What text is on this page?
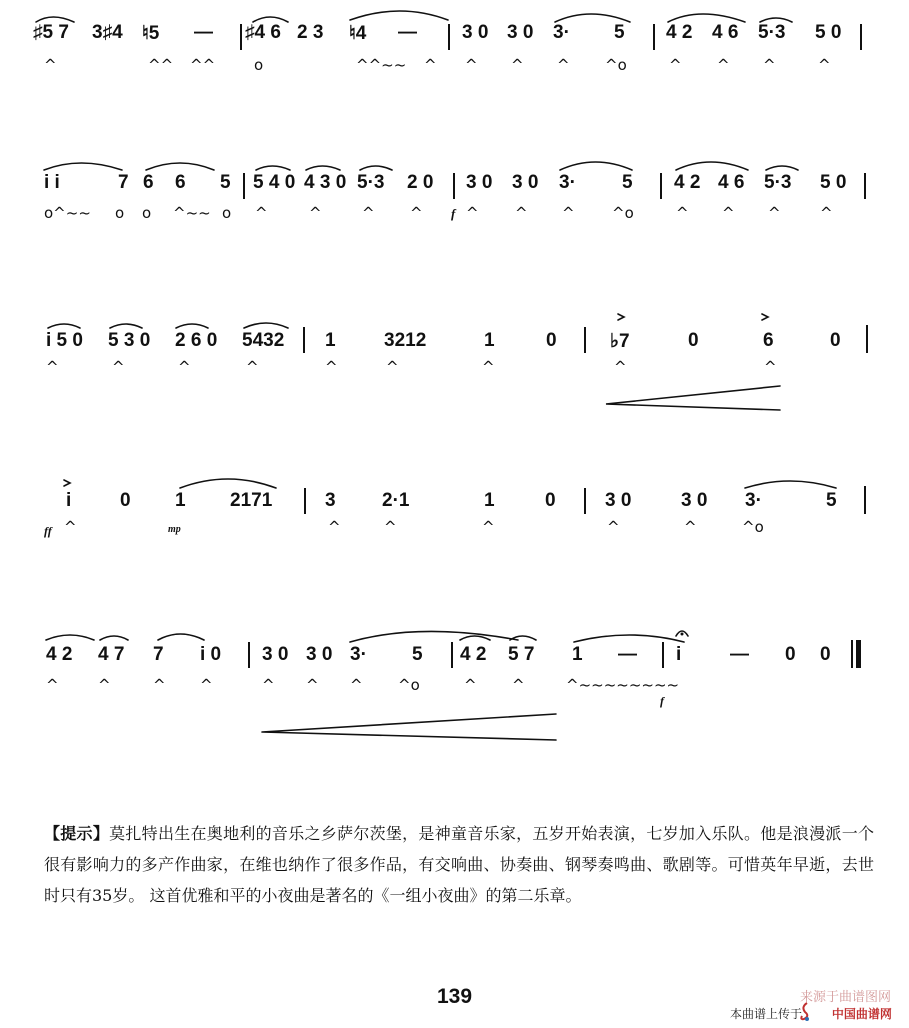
♯5 7 3♯4 ♮5 — ♯4 6 2 3 ♮4 — 3 0 3 0 3· 5 4 2 4 6 5·3 5 0
^	^^ ^^	o	^^~~ ^ ^ ^ ^ ^o	^ ^ ^	^
i i	7 6 6 5 5 4 0 4 3 0 5·3 2 0 3 0 3 0 3· 5 4 2 4 6 5·3 5 0
o^~~ o o ^~~ o ^	^	^ ^	^ ^ ^ ^o	^ ^ ^	^
f
i 5 0 5 3 0 2 6 0 5432 1	3212	1	0	♭7	0	6	0
^	^	^	^	^	^	^	^	^
i	0 1 2171	3 2·1	1	0	3 0	3 0 3·	5
^	^	^	^	^	^	^o
ff	mp
4 2 4 7 7 i 0 3 0 3 0 3· 5 4 2 5 7 1 — i	— 0 0
^	^	^ ^	^ ^ ^ ^o	^ ^	^~~~~~~~~
f
【提示】莫扎特出生在奥地利的音乐之乡萨尔茨堡，是神童音乐家，五岁开始表演，七岁加入乐队。他是浪漫派一个很有影响力的多产作曲家，在维也纳作了很多作品，有交响曲、协奏曲、钢琴奏鸣曲、歌剧等。可惜英年早逝，去世时只有35岁。 这首优雅和平的小夜曲是著名的《一组小夜曲》的第二乐章。
139	来源于曲谱图网
本曲谱上传于 中国曲谱网
